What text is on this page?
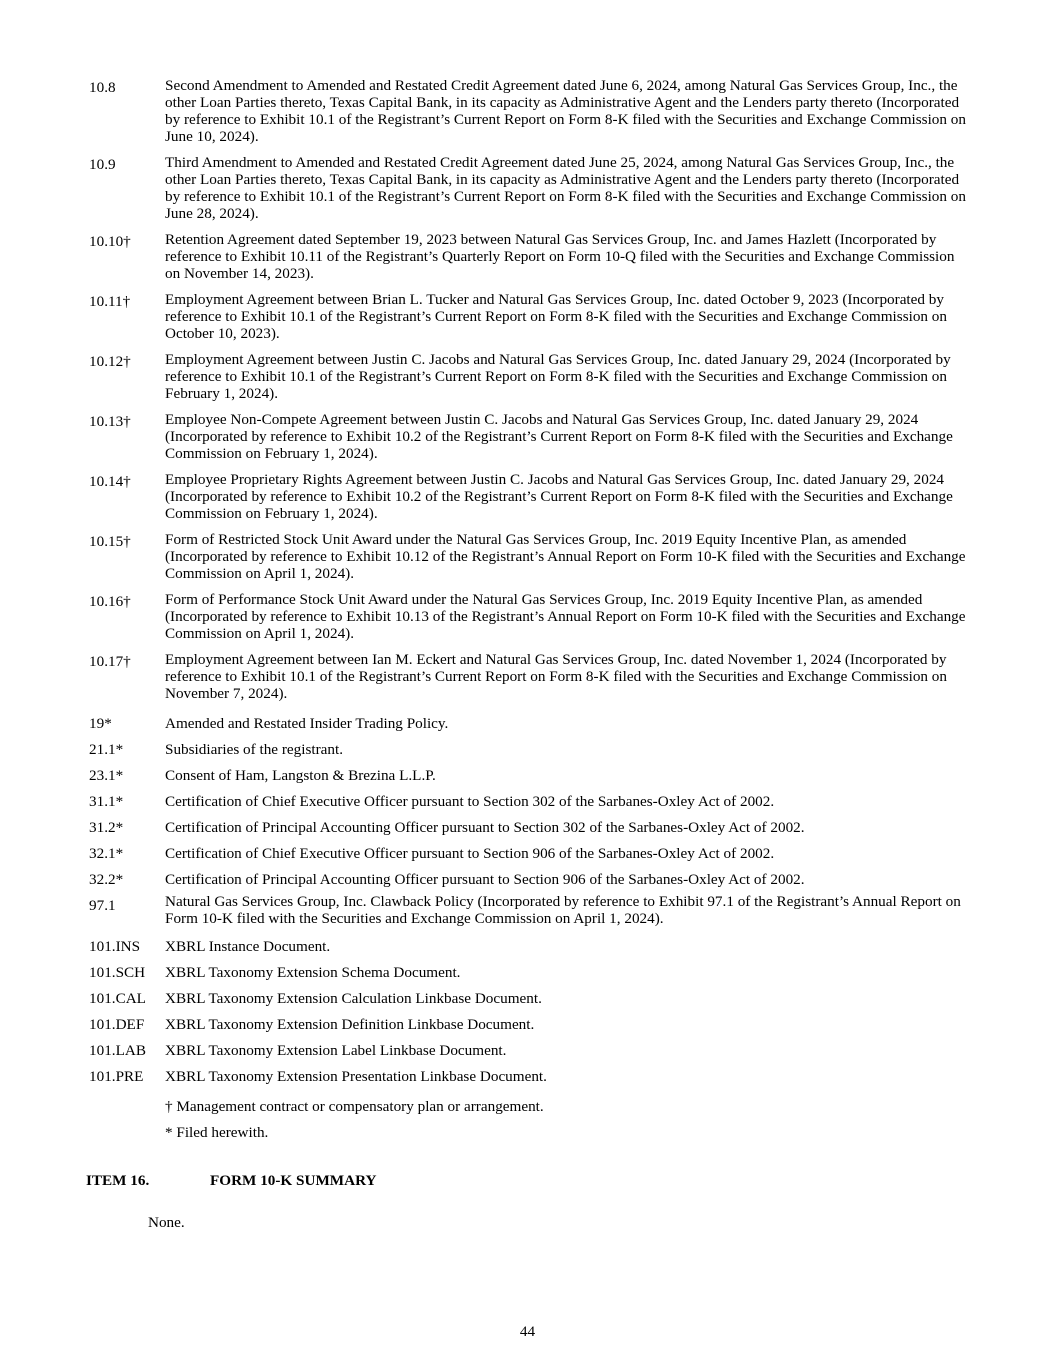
10.8	Second Amendment to Amended and Restated Credit Agreement dated June 6, 2024, among Natural Gas Services Group, Inc., the other Loan Parties thereto, Texas Capital Bank, in its capacity as Administrative Agent and the Lenders party thereto (Incorporated by reference to Exhibit 10.1 of the Registrant’s Current Report on Form 8-K filed with the Securities and Exchange Commission on June 10, 2024).
10.9	Third Amendment to Amended and Restated Credit Agreement dated June 25, 2024, among Natural Gas Services Group, Inc., the other Loan Parties thereto, Texas Capital Bank, in its capacity as Administrative Agent and the Lenders party thereto (Incorporated by reference to Exhibit 10.1 of the Registrant’s Current Report on Form 8-K filed with the Securities and Exchange Commission on June 28, 2024).
10.10†	Retention Agreement dated September 19, 2023 between Natural Gas Services Group, Inc. and James Hazlett (Incorporated by reference to Exhibit 10.11 of the Registrant’s Quarterly Report on Form 10-Q filed with the Securities and Exchange Commission on November 14, 2023).
10.11†	Employment Agreement between Brian L. Tucker and Natural Gas Services Group, Inc. dated October 9, 2023 (Incorporated by reference to Exhibit 10.1 of the Registrant’s Current Report on Form 8-K filed with the Securities and Exchange Commission on October 10, 2023).
10.12†	Employment Agreement between Justin C. Jacobs and Natural Gas Services Group, Inc. dated January 29, 2024 (Incorporated by reference to Exhibit 10.1 of the Registrant’s Current Report on Form 8-K filed with the Securities and Exchange Commission on February 1, 2024).
10.13†	Employee Non-Compete Agreement between Justin C. Jacobs and Natural Gas Services Group, Inc. dated January 29, 2024 (Incorporated by reference to Exhibit 10.2 of the Registrant’s Current Report on Form 8-K filed with the Securities and Exchange Commission on February 1, 2024).
10.14†	Employee Proprietary Rights Agreement between Justin C. Jacobs and Natural Gas Services Group, Inc. dated January 29, 2024 (Incorporated by reference to Exhibit 10.2 of the Registrant’s Current Report on Form 8-K filed with the Securities and Exchange Commission on February 1, 2024).
10.15†	Form of Restricted Stock Unit Award under the Natural Gas Services Group, Inc. 2019 Equity Incentive Plan, as amended (Incorporated by reference to Exhibit 10.12 of the Registrant’s Annual Report on Form 10-K filed with the Securities and Exchange Commission on April 1, 2024).
10.16†	Form of Performance Stock Unit Award under the Natural Gas Services Group, Inc. 2019 Equity Incentive Plan, as amended (Incorporated by reference to Exhibit 10.13 of the Registrant’s Annual Report on Form 10-K filed with the Securities and Exchange Commission on April 1, 2024).
10.17†	Employment Agreement between Ian M. Eckert and Natural Gas Services Group, Inc. dated November 1, 2024 (Incorporated by reference to Exhibit 10.1 of the Registrant’s Current Report on Form 8-K filed with the Securities and Exchange Commission on November 7, 2024).
19*	Amended and Restated Insider Trading Policy.
21.1*	Subsidiaries of the registrant.
23.1*	Consent of Ham, Langston & Brezina L.L.P.
31.1*	Certification of Chief Executive Officer pursuant to Section 302 of the Sarbanes-Oxley Act of 2002.
31.2*	Certification of Principal Accounting Officer pursuant to Section 302 of the Sarbanes-Oxley Act of 2002.
32.1*	Certification of Chief Executive Officer pursuant to Section 906 of the Sarbanes-Oxley Act of 2002.
32.2*	Certification of Principal Accounting Officer pursuant to Section 906 of the Sarbanes-Oxley Act of 2002.
97.1	Natural Gas Services Group, Inc. Clawback Policy (Incorporated by reference to Exhibit 97.1 of the Registrant’s Annual Report on Form 10-K filed with the Securities and Exchange Commission on April 1, 2024).
101.INS	XBRL Instance Document.
101.SCH	XBRL Taxonomy Extension Schema Document.
101.CAL	XBRL Taxonomy Extension Calculation Linkbase Document.
101.DEF	XBRL Taxonomy Extension Definition Linkbase Document.
101.LAB	XBRL Taxonomy Extension Label Linkbase Document.
101.PRE	XBRL Taxonomy Extension Presentation Linkbase Document.
† Management contract or compensatory plan or arrangement.
* Filed herewith.
ITEM 16.	FORM 10-K SUMMARY
None.
44
